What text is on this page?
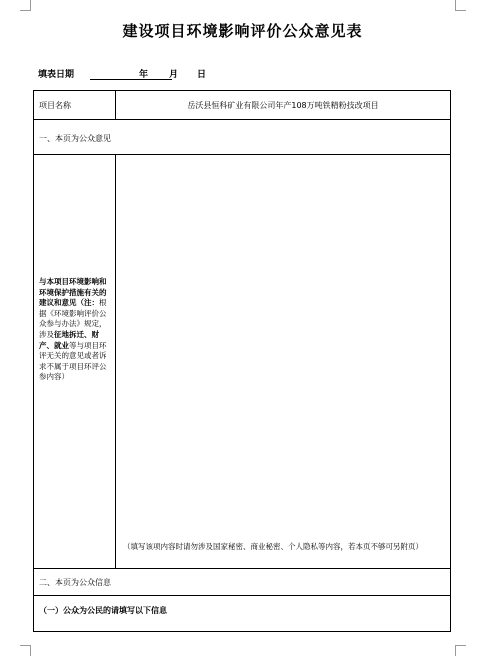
建设项目环境影响评价公众意见表
填表日期	年 月 日
项目名称	岳沃县恒科矿业有限公司年产108万吨铁精粉技改项目
一、本页为公众意见
与本项目环境影响和环境保护措施有关的建议和意见（注：根据《环境影响评价公众参与办法》规定，涉及征地拆迁、财产、就业等与项目环评无关的意见或者诉求不属于项目环评公参内容）
（填写该项内容时请勿涉及国家秘密、商业秘密、个人隐私等内容，若本页不够可另附页）
二、本页为公众信息
（一）公众为公民的请填写以下信息
